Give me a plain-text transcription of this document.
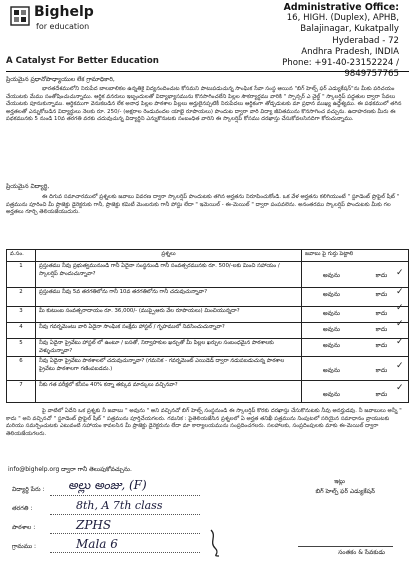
Bighelp
for education
A Catalyst For Better Education
Administrative Office:
16, HIGH. (Duplex), APHB,
Balajinagar, Kukatpally
Hyderabad - 72
Andhra Pradesh, INDIA
Phone: +91-40-23152224 / 9849757765
ప్రియమైన ప్రధానోపాధ్యాయుల లేక గ్రామాధికారి,
భారతదేశములోని నిరుపేద బాలబాలికల ఉన్నతికై విద్యనందించుట కోసమని పాటుపడుచున్న సాంఘిక సేవా సంస్థ ఆయిన "బిగ్ హెల్ప్ ఫర్ ఎడ్యుకేషన్"ను మీకు పరిచయం చేయుటకు మేము సంతోషించుచున్నాము. ఆర్థిక వనరులు ఇబ్బందులతో విద్యాభ్యాసమును కొనసాగించలేని పిల్లల సౌకర్యార్థము వారికి " స్పాన్సర్ ఎ చైల్డ్ " స్కాలర్షిప్ పద్ధతుల ద్వారా సేవలు చేయుటకు పూనుకున్నాము. ఆర్థికముగా వెనుకబడిన లేక అనాధ పిల్లల పాఠశాల పిల్లలు అర్హులైనప్పటికీ నిరుపేదలు ఆర్థికంగా తోడ్పడుటకు మా ప్రధాన ముఖ్య ఉద్దేశ్యము. ఈ పథకములో తగిన అర్హతలతో ఎన్నుకోబడిన విద్యార్థులు నెలకు రూ. 250/- (అక్షరాల రెండువందల యాభై రూపాయలు) పొందుట ద్వారా వారి విద్యా జీవితమును కొనసాగించ వచ్చును. ఉదాహరణకు మీరు ఈ పథకమునకు 5 నుండి 10వ తరగతి వరకు చదువుచున్న విద్యార్థిని ఎన్నుకొనుటకు సంబంధిత వారిని ఈ స్కాలర్షిప్ కోసము దరఖాస్తు చేసుకోవలసినదిగా కోరుచున్నాము.
ప్రియమైన విద్యార్థి,
ఈ దిగువ సమాచారములో ప్రశ్నలకు జవాబు వివరణ ద్వారా స్కాలర్షిప్ పొందుటకు తగిన అర్హతను నిరూపించుకోండి. ఒక వేళ అర్హతను కలిగియుంటే " స్టూడెంట్ ప్రొఫైల్ షీట్ " పత్రమును పూరించి మీ ప్రాజెక్టు డైరెక్టరుకు గానీ, ప్రాజెక్టు కమిటీ మెంబరుకు గానీ పోస్టు లేదా " ఇమెయిల్ - ఈ-మెయిల్ " ద్వారా పంపవలెను. అనంతరము స్కాలర్షిప్ పొందుటకు మీకు గల అర్హతలు గూర్చి తెలియజేయుదురు.
వ.సం.	ప్రశ్నలు	జవాబు పై గుర్తు పెట్టాలి
1	ప్రస్తుతము నీవు ప్రభుత్వమునుండి గానీ ఏదైనా సంస్థనుండి గానీ సంవత్సరమునకు రూ. 500/-లకు మించి సహాయం / స్కాలర్షిప్ పొందుచున్నావా?	అవును కాదు

2	ప్రస్తుతము నీవు 5వ తరగతిలోను గానీ 10వ తరగతిలోను గానీ చదువుచున్నావా?	అవును కాదు

3	మీ కుటుంబ సంవత్సరాదాయం రూ. 36,000/- (ముప్పైఆరు వేల రూపాయలు) మించియున్నదా?	అవును కాదు

4	నీవు గవర్నమెంటు వారి ఏదైనా సాంఘిక సంక్షేమ హాస్టల్ / గృహములో నివసించుచున్నావా?	అవును కాదు

5	నీవు ఏదైనా ప్రైవేటు హాస్టల్ లో ఉంటూ / బసతో, నిర్వాహకుల ఖర్చుతో మీ పిల్లల ఖర్చుల సంబంధమైన పాఠశాలకు వెళ్ళుచున్నావా?	అవును కాదు

6	నీవు ఏదైనా ప్రైవేటు పాఠశాలలో చదువుచున్నావా? (గమనిక - గవర్నమెంట్ ఎయిడెడ్ ద్వారా నడుపబడుచున్న పాఠశాల ప్రైవేటు పాఠశాలగా గణింపబడదు.)	అవును కాదు

7	నీకు గత పరీక్షలో కనీసం 40% కన్నా తక్కువ మార్కులు వచ్చినవా?	అవును కాదు
✓
✓
✓
✓
✓
✓
✓
పై వాటిలో ఏదేని ఒక ప్రశ్నకు నీ జవాబు " అవును " అని వచ్చినచో బిగ్ హెల్ప్ సంస్థనుండి ఈ స్కాలర్షిప్ కొరకు దరఖాస్తు చేసుకొనుటకు నీవు అనర్హుడవు. నీ జవాబులు అన్నీ " కాదు " అని వచ్చినచో " స్టూడెంట్ ప్రొఫైల్ షీట్ " పత్రమును పూర్తిచేయగలరు. గమనిక : పైతెలియజేసిన ప్రశ్నలలో ఏ అర్హత తనిఖీ పత్రమును నింపుటలో సరియైన సమాధానం వ్రాయుటకు మరియు సమర్పించుటకు ఎటువంటి సహాయం కావలసిన మీ ప్రాజెక్టు డైరెక్టరును లేదా మా కార్యాలయమును సంప్రదించగలరు. సలహాలకు, సంప్రదింపులకు మాకు ఈ-మెయిల్ ద్వారా తెలియజేయగలరు.
info@bighelp.org ద్వారా గానీ తెలుపుకోవచ్చును.
ఇట్లు
బిగ్ హెల్ప్ ఫర్ ఎడ్యుకేషన్
విద్యార్థి పేరు : అల్లు అంజు, (F)
తరగతి :	8th, A 7th class
పాఠశాల :	ZPHS
గ్రామము :	Mala 6
సంతకం & సేవకుడు
